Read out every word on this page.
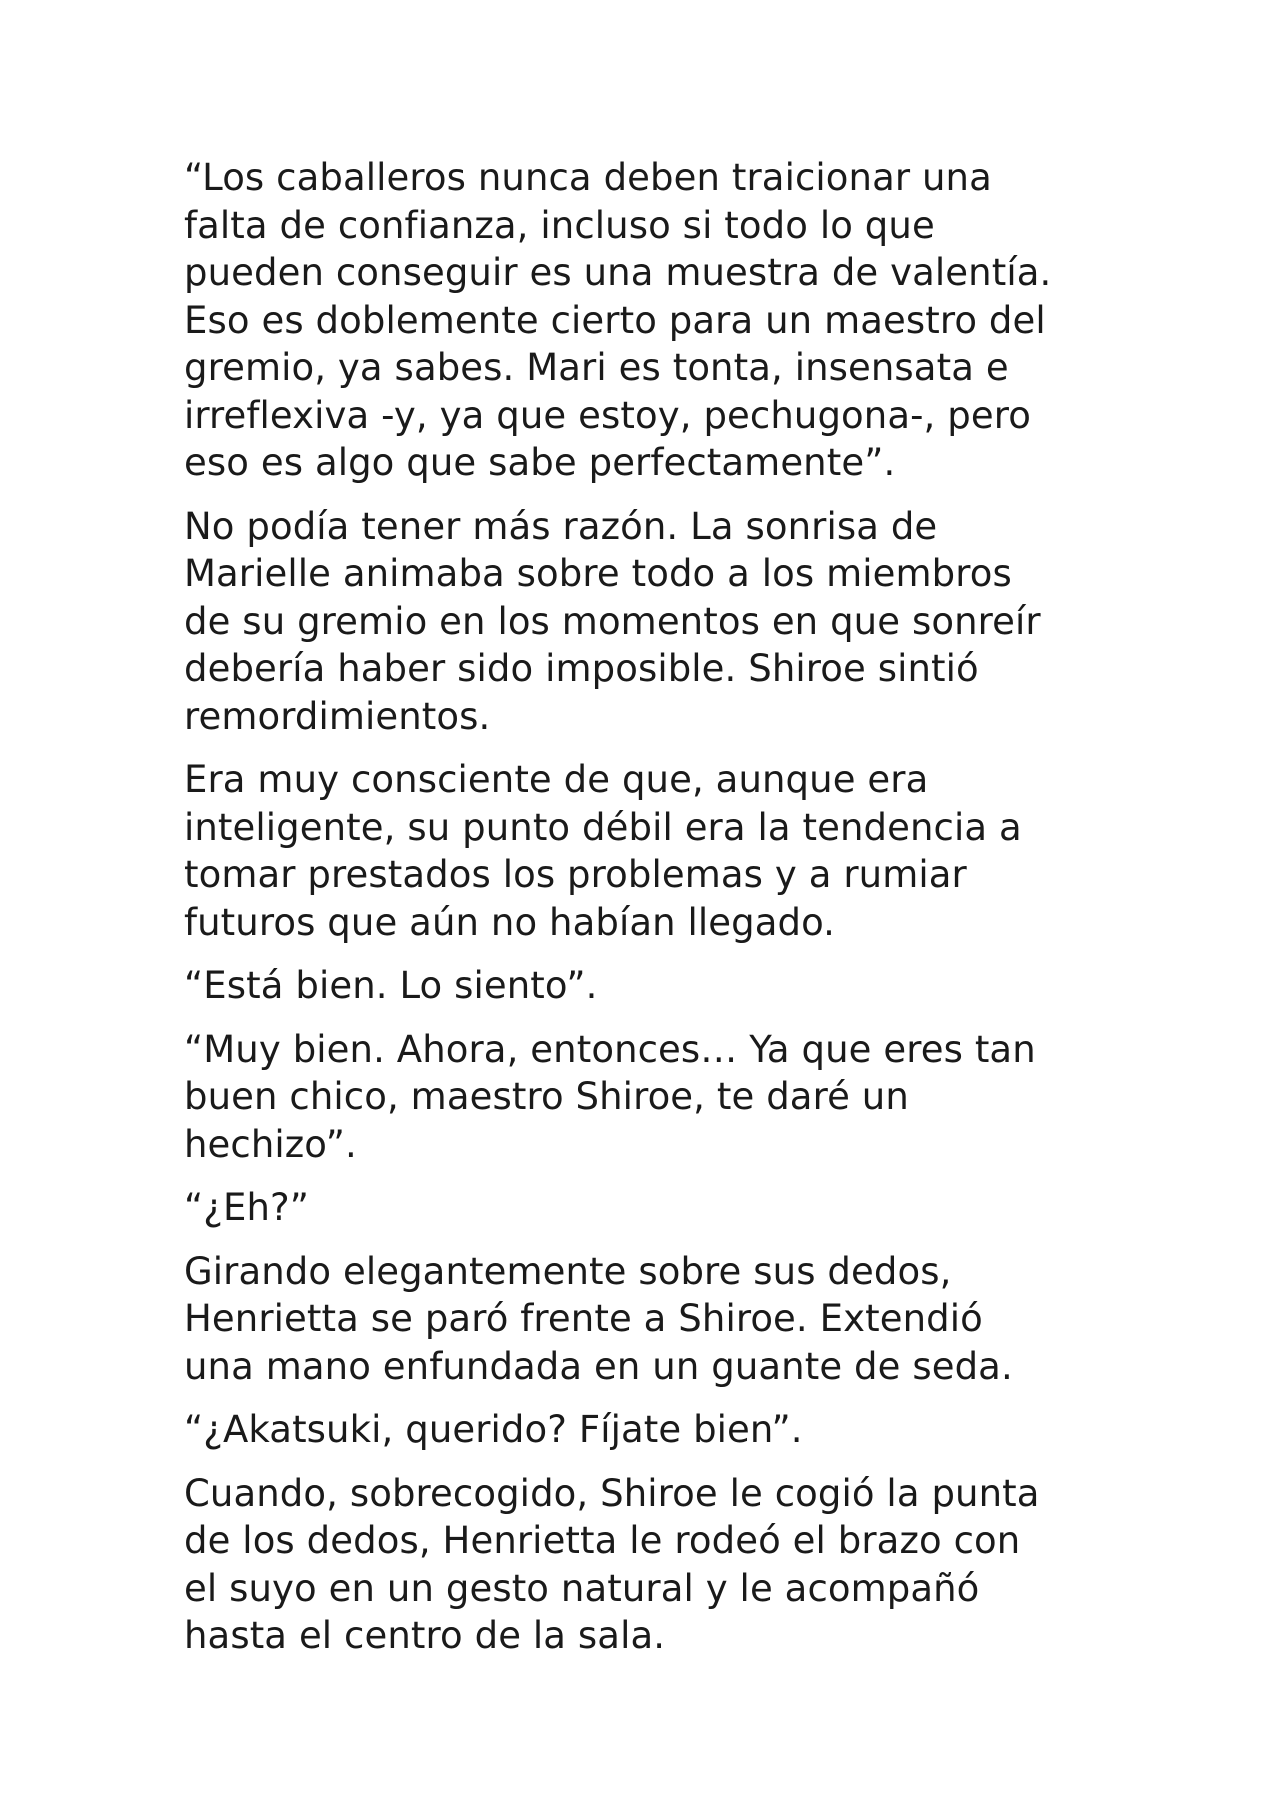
“Los caballeros nunca deben traicionar una
falta de confianza, incluso si todo lo que
pueden conseguir es una muestra de valentía.
Eso es doblemente cierto para un maestro del
gremio, ya sabes. Mari es tonta, insensata e
irreflexiva -y, ya que estoy, pechugona-, pero
eso es algo que sabe perfectamente”.

No podía tener más razón. La sonrisa de
Marielle animaba sobre todo a los miembros
de su gremio en los momentos en que sonreír
debería haber sido imposible. Shiroe sintió
remordimientos.

Era muy consciente de que, aunque era
inteligente, su punto débil era la tendencia a
tomar prestados los problemas y a rumiar
futuros que aún no habían llegado.

“Está bien. Lo siento”.

“Muy bien. Ahora, entonces… Ya que eres tan
buen chico, maestro Shiroe, te daré un
hechizo”.

“¿Eh?”

Girando elegantemente sobre sus dedos,
Henrietta se paró frente a Shiroe. Extendió
una mano enfundada en un guante de seda.

“¿Akatsuki, querido? Fíjate bien”.

Cuando, sobrecogido, Shiroe le cogió la punta
de los dedos, Henrietta le rodeó el brazo con
el suyo en un gesto natural y le acompañó
hasta el centro de la sala.
